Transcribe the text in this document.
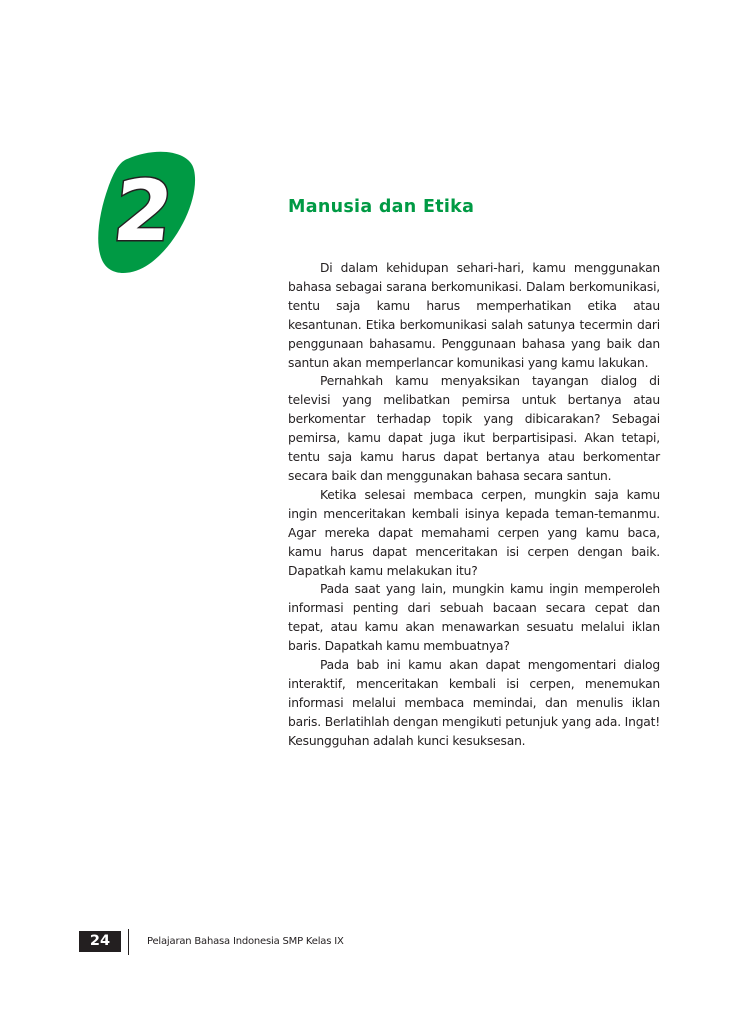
2	Manusia dan Etika

Di dalam kehidupan sehari-hari, kamu menggunakan bahasa sebagai sarana berkomunikasi. Dalam berkomunikasi, tentu saja kamu harus memperhatikan etika atau kesantunan. Etika berkomunikasi salah satunya tecermin dari penggunaan bahasamu. Penggunaan bahasa yang baik dan santun akan memperlancar komunikasi yang kamu lakukan.

Pernahkah kamu menyaksikan tayangan dialog di televisi yang melibatkan pemirsa untuk bertanya atau berkomentar terhadap topik yang dibicarakan? Sebagai pemirsa, kamu dapat juga ikut berpartisipasi. Akan tetapi, tentu saja kamu harus dapat bertanya atau berkomentar secara baik dan menggunakan bahasa secara santun.

Ketika selesai membaca cerpen, mungkin saja kamu ingin menceritakan kembali isinya kepada teman-temanmu. Agar mereka dapat memahami cerpen yang kamu baca, kamu harus dapat menceritakan isi cerpen dengan baik. Dapatkah kamu melakukan itu?

Pada saat yang lain, mungkin kamu ingin memperoleh informasi penting dari sebuah bacaan secara cepat dan tepat, atau kamu akan menawarkan sesuatu melalui iklan baris. Dapatkah kamu membuatnya?

Pada bab ini kamu akan dapat mengomentari dialog interaktif, menceritakan kembali isi cerpen, menemukan informasi melalui membaca memindai, dan menulis iklan baris. Berlatihlah dengan mengikuti petunjuk yang ada. Ingat! Kesungguhan adalah kunci kesuksesan.

24	Pelajaran Bahasa Indonesia SMP Kelas IX
